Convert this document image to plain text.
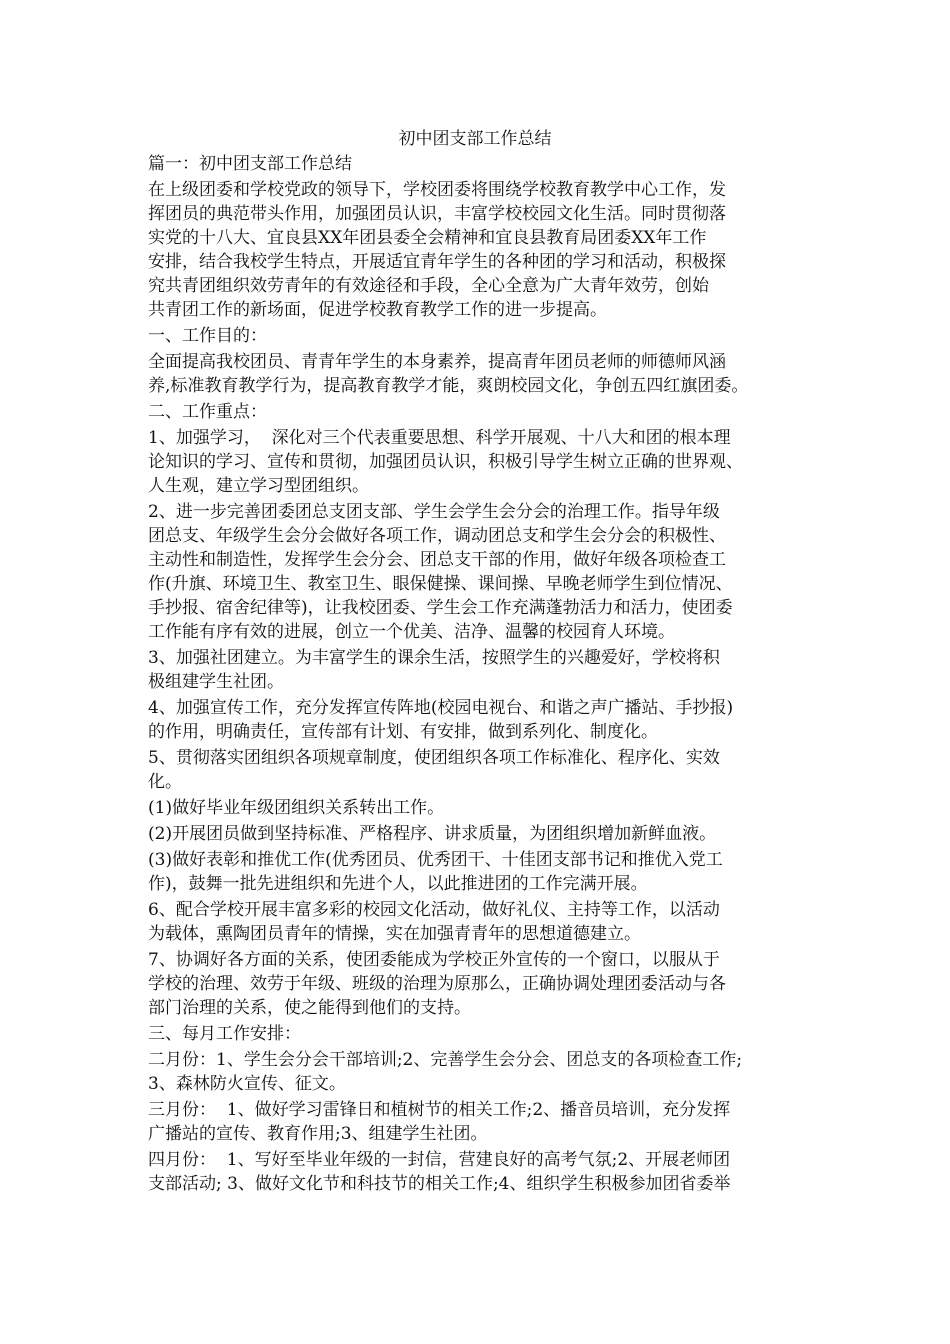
初中团支部工作总结
篇一：初中团支部工作总结
在上级团委和学校党政的领导下，学校团委将围绕学校教育教学中心工作，发
挥团员的典范带头作用，加强团员认识，丰富学校校园文化生活。同时贯彻落
实党的十八大、宜良县XX年团县委全会精神和宜良县教育局团委XX年工作
安排，结合我校学生特点，开展适宜青年学生的各种团的学习和活动，积极探
究共青团组织效劳青年的有效途径和手段，全心全意为广大青年效劳，创始
共青团工作的新场面，促进学校教育教学工作的进一步提高。
一、工作目的：
全面提高我校团员、青青年学生的本身素养，提高青年团员老师的师德师风涵
养,标准教育教学行为，提高教育教学才能，爽朗校园文化，争创五四红旗团委。
二、工作重点：
1、加强学习，  深化对三个代表重要思想、科学开展观、十八大和团的根本理
论知识的学习、宣传和贯彻，加强团员认识，积极引导学生树立正确的世界观、
人生观，建立学习型团组织。
2、进一步完善团委团总支团支部、学生会学生会分会的治理工作。指导年级
团总支、年级学生会分会做好各项工作，调动团总支和学生会分会的积极性、
主动性和制造性，发挥学生会分会、团总支干部的作用，做好年级各项检查工
作(升旗、环境卫生、教室卫生、眼保健操、课间操、早晚老师学生到位情况、
手抄报、宿舍纪律等)，让我校团委、学生会工作充满蓬勃活力和活力，使团委
工作能有序有效的进展，创立一个优美、洁净、温馨的校园育人环境。
3、加强社团建立。为丰富学生的课余生活，按照学生的兴趣爱好，学校将积
极组建学生社团。
4、加强宣传工作，充分发挥宣传阵地(校园电视台、和谐之声广播站、手抄报)
的作用，明确责任，宣传部有计划、有安排，做到系列化、制度化。
5、贯彻落实团组织各项规章制度，使团组织各项工作标准化、程序化、实效
化。
(1)做好毕业年级团组织关系转出工作。
(2)开展团员做到坚持标准、严格程序、讲求质量，为团组织增加新鲜血液。
(3)做好表彰和推优工作(优秀团员、优秀团干、十佳团支部书记和推优入党工
作)，鼓舞一批先进组织和先进个人，以此推进团的工作完满开展。
6、配合学校开展丰富多彩的校园文化活动，做好礼仪、主持等工作，以活动
为载体，熏陶团员青年的情操，实在加强青青年的思想道德建立。
7、协调好各方面的关系，使团委能成为学校正外宣传的一个窗口，以服从于
学校的治理、效劳于年级、班级的治理为原那么，正确协调处理团委活动与各
部门治理的关系，使之能得到他们的支持。
三、每月工作安排：
二月份：1、学生会分会干部培训;2、完善学生会分会、团总支的各项检查工作;
3、森林防火宣传、征文。
三月份：  1、做好学习雷锋日和植树节的相关工作;2、播音员培训，充分发挥
广播站的宣传、教育作用;3、组建学生社团。
四月份：  1、写好至毕业年级的一封信，营建良好的高考气氛;2、开展老师团
支部活动; 3、做好文化节和科技节的相关工作;4、组织学生积极参加团省委举
